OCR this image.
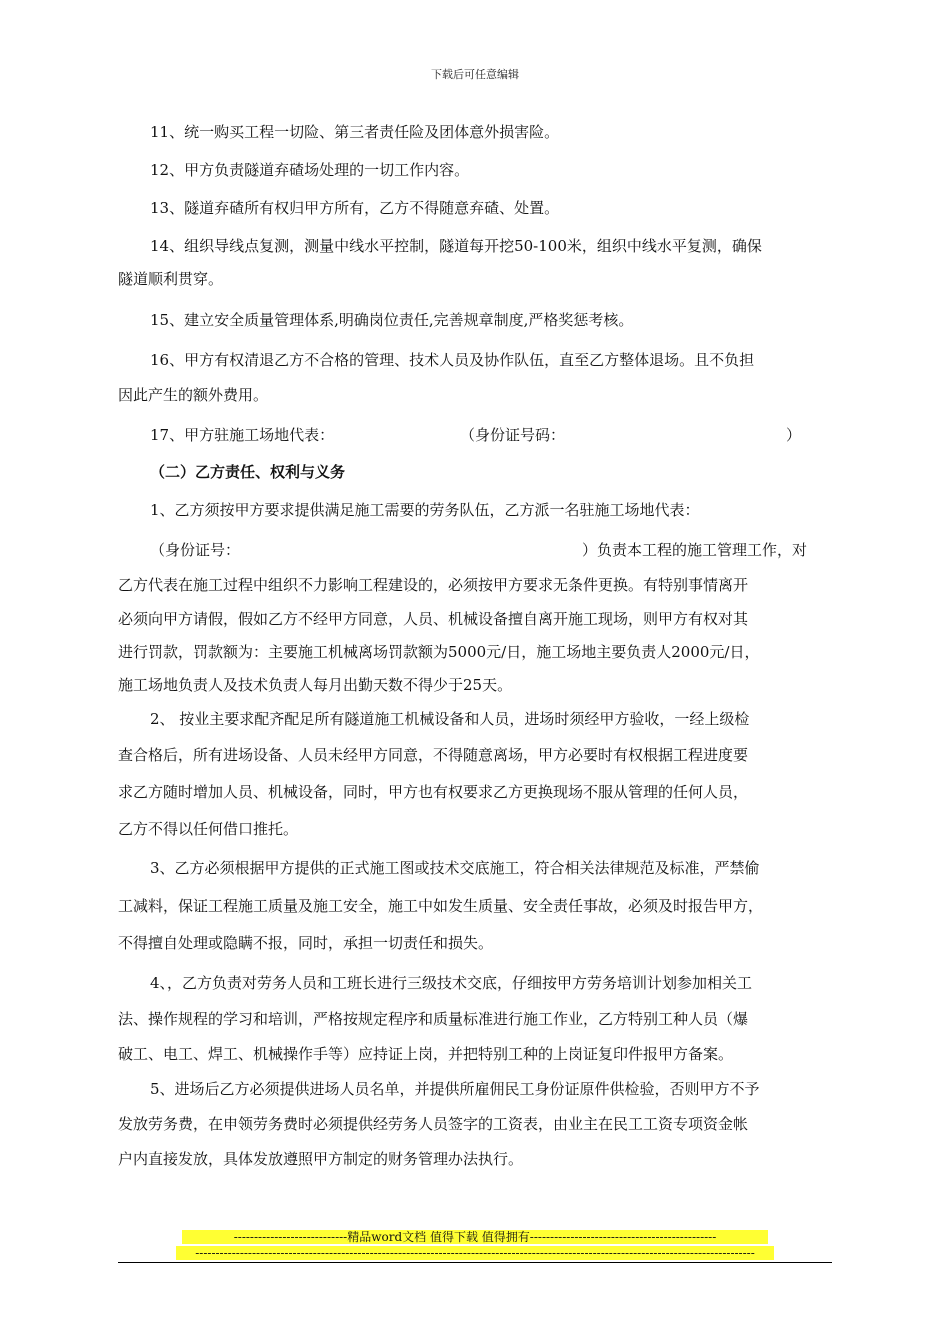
下载后可任意编辑
11、统一购买工程一切险、第三者责任险及团体意外损害险。
12、甲方负责隧道弃碴场处理的一切工作内容。
13、隧道弃碴所有权归甲方所有，乙方不得随意弃碴、处置。
14、组织导线点复测，测量中线水平控制，隧道每开挖50-100米，组织中线水平复测，确保
隧道顺利贯穿。
15、建立安全质量管理体系,明确岗位责任,完善规章制度,严格奖惩考核。
16、甲方有权清退乙方不合格的管理、技术人员及协作队伍，直至乙方整体退场。且不负担
因此产生的额外费用。
17、甲方驻施工场地代表：	（身份证号码：	）
（二）乙方责任、权利与义务
1、乙方须按甲方要求提供满足施工需要的劳务队伍，乙方派一名驻施工场地代表：
（身份证号：	）负责本工程的施工管理工作，对
乙方代表在施工过程中组织不力影响工程建设的，必须按甲方要求无条件更换。有特别事情离开
必须向甲方请假，假如乙方不经甲方同意，人员、机械设备擅自离开施工现场，则甲方有权对其
进行罚款，罚款额为：主要施工机械离场罚款额为5000元/日，施工场地主要负责人2000元/日，
施工场地负责人及技术负责人每月出勤天数不得少于25天。
2、 按业主要求配齐配足所有隧道施工机械设备和人员，进场时须经甲方验收，一经上级检
查合格后，所有进场设备、人员未经甲方同意，不得随意离场，甲方必要时有权根据工程进度要
求乙方随时增加人员、机械设备，同时，甲方也有权要求乙方更换现场不服从管理的任何人员，
乙方不得以任何借口推托。
3、乙方必须根据甲方提供的正式施工图或技术交底施工，符合相关法律规范及标准，严禁偷
工减料，保证工程施工质量及施工安全，施工中如发生质量、安全责任事故，必须及时报告甲方，
不得擅自处理或隐瞒不报，同时，承担一切责任和损失。
4、，乙方负责对劳务人员和工班长进行三级技术交底，仔细按甲方劳务培训计划参加相关工
法、操作规程的学习和培训，严格按规定程序和质量标准进行施工作业，乙方特别工种人员（爆
破工、电工、焊工、机械操作手等）应持证上岗，并把特别工种的上岗证复印件报甲方备案。
5、进场后乙方必须提供进场人员名单，并提供所雇佣民工身份证原件供检验，否则甲方不予
发放劳务费，在申领劳务费时必须提供经劳务人员签字的工资表，由业主在民工工资专项资金帐
户内直接发放，具体发放遵照甲方制定的财务管理办法执行。
----------------------------精品word文档 值得下载 值得拥有----------------------------------------------
------------------------------------------------------------------------------------------------------------------------------------------
